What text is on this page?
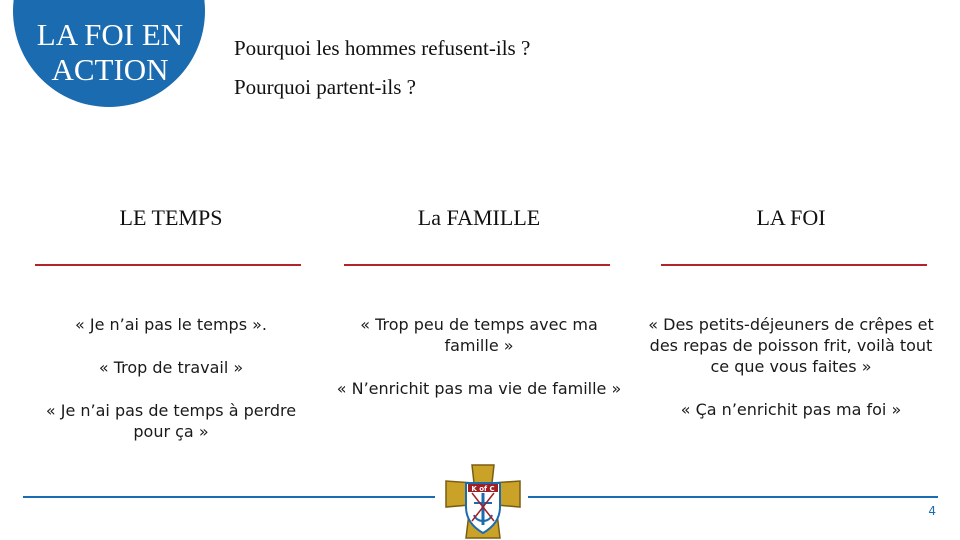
LA FOI EN
ACTION
Pourquoi les hommes refusent-ils ?
Pourquoi partent-ils ?
LE TEMPS

« Je n’ai pas le temps ».

« Trop de travail »

« Je n’ai pas de temps à perdre pour ça »

La FAMILLE

« Trop peu de temps avec ma famille »

« N’enrichit pas ma vie de famille »

LA FOI

« Des petits-déjeuners de crêpes et des repas de poisson frit, voilà tout ce que vous faites »

« Ça n’enrichit pas ma foi »

K of C
4
